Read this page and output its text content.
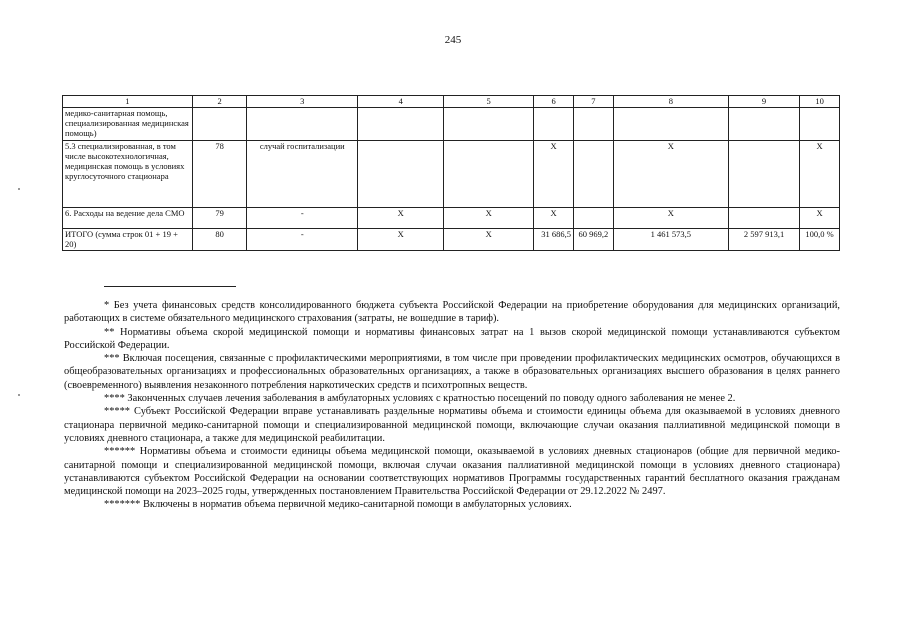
245
1	2	3	4	5	6	7	8	9	10
медико-санитарная помощь, специализированная медицинская помощь)									
5.3 специализированная, в том числе высокотехнологичная, медицинская помощь в условиях круглосуточного стационара	78	случай госпитализации			X		X		X
6. Расходы на ведение дела СМО	79	-	X	X	X		X		X
ИТОГО (сумма строк 01 + 19 + 20)	80	-	X	X	31 686,5	60 969,2	1 461 573,5	2 597 913,1	100,0 %

* Без учета финансовых средств консолидированного бюджета субъекта Российской Федерации на приобретение оборудования для медицинских организаций, работающих в системе обязательного медицинского страхования (затраты, не вошедшие в тариф).

** Нормативы объема скорой медицинской помощи и нормативы финансовых затрат на 1 вызов скорой медицинской помощи устанавливаются субъектом Российской Федерации.

*** Включая посещения, связанные с профилактическими мероприятиями, в том числе при проведении профилактических медицинских осмотров, обучающихся в общеобразовательных организациях и профессиональных образовательных организациях, а также в образовательных организациях высшего образования в целях раннего (своевременного) выявления незаконного потребления наркотических средств и психотропных веществ.

**** Законченных случаев лечения заболевания в амбулаторных условиях с кратностью посещений по поводу одного заболевания не менее 2.

***** Субъект Российской Федерации вправе устанавливать раздельные нормативы объема и стоимости единицы объема для оказываемой в условиях дневного стационара первичной медико-санитарной помощи и специализированной медицинской помощи, включающие случаи оказания паллиативной медицинской помощи в условиях дневного стационара, а также для медицинской реабилитации.

****** Нормативы объема и стоимости единицы объема медицинской помощи, оказываемой в условиях дневных стационаров (общие для первичной медико-санитарной помощи и специализированной медицинской помощи, включая случаи оказания паллиативной медицинской помощи в условиях дневного стационара) устанавливаются субъектом Российской Федерации на основании соответствующих нормативов Программы государственных гарантий бесплатного оказания гражданам медицинской помощи на 2023–2025 годы, утвержденных постановлением Правительства Российской Федерации от 29.12.2022 № 2497.

******* Включены в норматив объема первичной медико-санитарной помощи в амбулаторных условиях.
